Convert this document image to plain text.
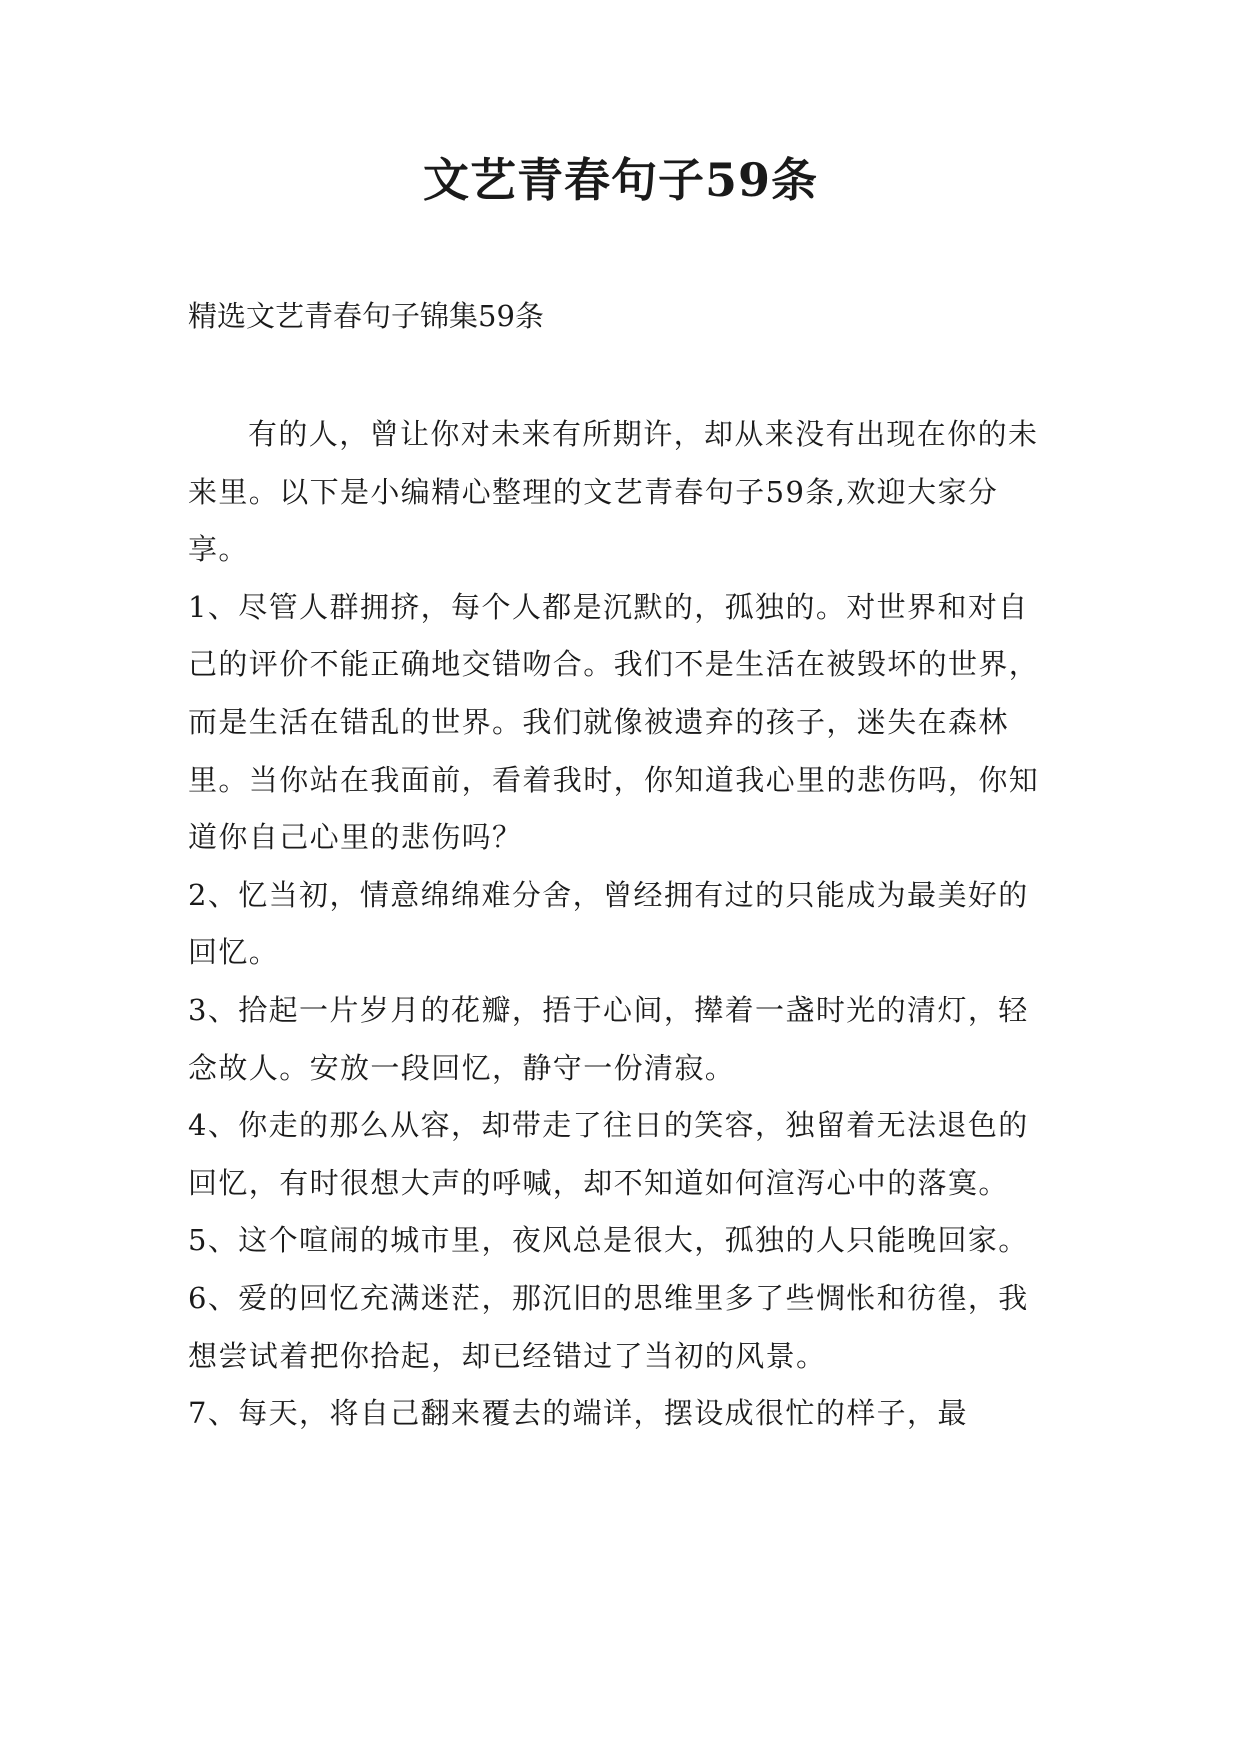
文艺青春句子59条

精选文艺青春句子锦集59条

有的人，曾让你对未来有所期许，却从来没有出现在你的未来里。以下是小编精心整理的文艺青春句子59条,欢迎大家分享。

1、尽管人群拥挤，每个人都是沉默的，孤独的。对世界和对自己的评价不能正确地交错吻合。我们不是生活在被毁坏的世界，而是生活在错乱的世界。我们就像被遗弃的孩子，迷失在森林里。当你站在我面前，看着我时，你知道我心里的悲伤吗，你知道你自己心里的悲伤吗？

2、忆当初，情意绵绵难分舍，曾经拥有过的只能成为最美好的回忆。

3、拾起一片岁月的花瓣，捂于心间，撵着一盏时光的清灯，轻念故人。安放一段回忆，静守一份清寂。

4、你走的那么从容，却带走了往日的笑容，独留着无法退色的回忆，有时很想大声的呼喊，却不知道如何渲泻心中的落寞。

5、这个喧闹的城市里，夜风总是很大，孤独的人只能晚回家。

6、爱的回忆充满迷茫，那沉旧的思维里多了些惆怅和彷徨，我想尝试着把你拾起，却已经错过了当初的风景。

7、每天，将自己翻来覆去的端详，摆设成很忙的样子，最
